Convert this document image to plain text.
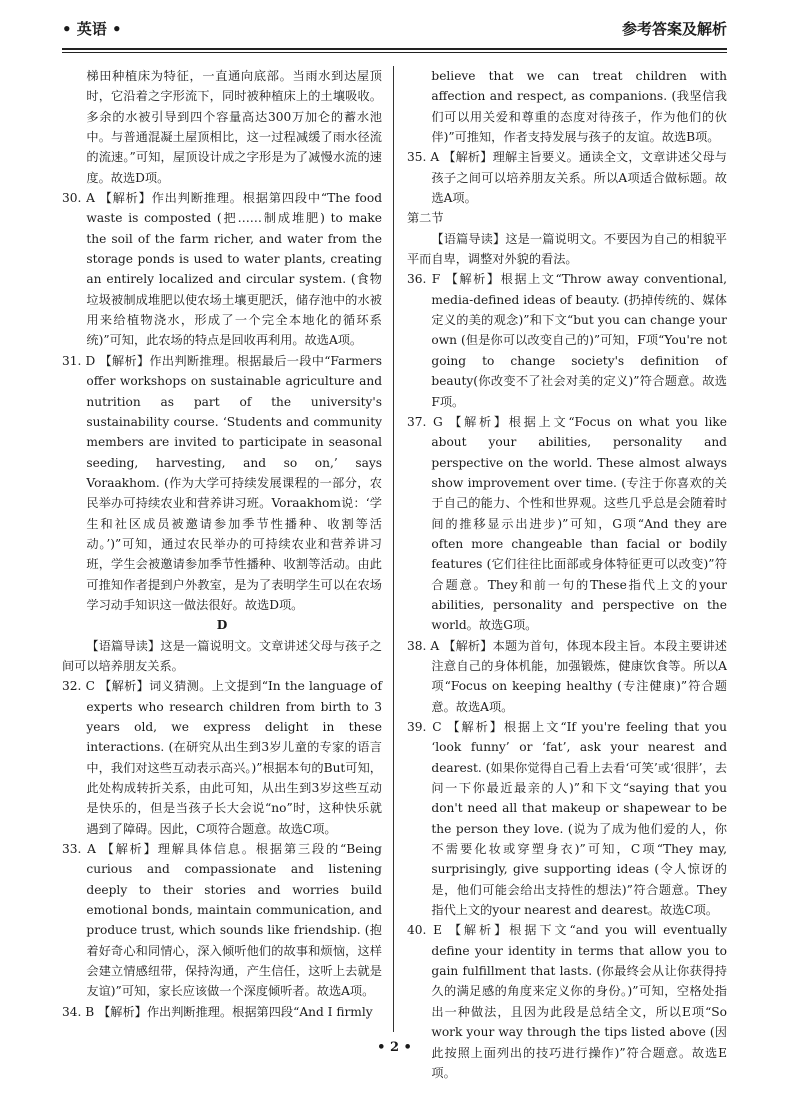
• 英语 •	参考答案及解析

梯田种植床为特征，一直通向底部。当雨水到达屋顶时，它沿着之字形流下，同时被种植床上的土壤吸收。多余的水被引导到四个容量高达300万加仑的蓄水池中。与普通混凝土屋顶相比，这一过程减缓了雨水径流的流速。”可知，屋顶设计成之字形是为了减慢水流的速度。故选D项。

30. A 【解析】作出判断推理。根据第四段中“The food waste is composted (把……制成堆肥) to make the soil of the farm richer, and water from the storage ponds is used to water plants, creating an entirely localized and circular system. (食物垃圾被制成堆肥以使农场土壤更肥沃，储存池中的水被用来给植物浇水，形成了一个完全本地化的循环系统)”可知，此农场的特点是回收再利用。故选A项。

31. D 【解析】作出判断推理。根据最后一段中“Farmers offer workshops on sustainable agriculture and nutrition as part of the university's sustainability course. ‘Students and community members are invited to participate in seasonal seeding, harvesting, and so on,’ says Voraakhom. (作为大学可持续发展课程的一部分，农民举办可持续农业和营养讲习班。Voraakhom说：‘学生和社区成员被邀请参加季节性播种、收割等活动。’)”可知，通过农民举办的可持续农业和营养讲习班，学生会被邀请参加季节性播种、收割等活动。由此可推知作者提到户外教室，是为了表明学生可以在农场学习动手知识这一做法很好。故选D项。

D

【语篇导读】这是一篇说明文。文章讲述父母与孩子之间可以培养朋友关系。

32. C 【解析】词义猜测。上文提到“In the language of experts who research children from birth to 3 years old, we express delight in these interactions. (在研究从出生到3岁儿童的专家的语言中，我们对这些互动表示高兴。)”根据本句的But可知，此处构成转折关系，由此可知，从出生到3岁这些互动是快乐的，但是当孩子长大会说“no”时，这种快乐就遇到了障碍。因此，C项符合题意。故选C项。

33. A 【解析】理解具体信息。根据第三段的“Being curious and compassionate and listening deeply to their stories and worries build emotional bonds, maintain communication, and produce trust, which sounds like friendship. (抱着好奇心和同情心，深入倾听他们的故事和烦恼，这样会建立情感纽带，保持沟通，产生信任，这听上去就是友谊)”可知，家长应该做一个深度倾听者。故选A项。

34. B 【解析】作出判断推理。根据第四段“And I firmly

believe that we can treat children with affection and respect, as companions. (我坚信我们可以用关爱和尊重的态度对待孩子，作为他们的伙伴)”可推知，作者支持发展与孩子的友谊。故选B项。

35. A 【解析】理解主旨要义。通读全文，文章讲述父母与孩子之间可以培养朋友关系。所以A项适合做标题。故选A项。

第二节

【语篇导读】这是一篇说明文。不要因为自己的相貌平平而自卑，调整对外貌的看法。

36. F 【解析】根据上文“Throw away conventional, media-defined ideas of beauty. (扔掉传统的、媒体定义的美的观念)”和下文“but you can change your own (但是你可以改变自己的)”可知，F项“You're not going to change society's definition of beauty(你改变不了社会对美的定义)”符合题意。故选F项。

37. G 【解析】根据上文“Focus on what you like about your abilities, personality and perspective on the world. These almost always show improvement over time. (专注于你喜欢的关于自己的能力、个性和世界观。这些几乎总是会随着时间的推移显示出进步)”可知，G项“And they are often more changeable than facial or bodily features (它们往往比面部或身体特征更可以改变)”符合题意。They和前一句的These指代上文的your abilities, personality and perspective on the world。故选G项。

38. A 【解析】本题为首句，体现本段主旨。本段主要讲述注意自己的身体机能，加强锻炼，健康饮食等。所以A项“Focus on keeping healthy (专注健康)”符合题意。故选A项。

39. C 【解析】根据上文“If you're feeling that you ‘look funny’ or ‘fat’, ask your nearest and dearest. (如果你觉得自己看上去看‘可笑’或‘很胖’，去问一下你最近最亲的人)”和下文“saying that you don't need all that makeup or shapewear to be the person they love. (说为了成为他们爱的人，你不需要化妆或穿塑身衣)”可知，C项“They may, surprisingly, give supporting ideas (令人惊讶的是，他们可能会给出支持性的想法)”符合题意。They指代上文的your nearest and dearest。故选C项。

40. E 【解析】根据下文“and you will eventually define your identity in terms that allow you to gain fulfillment that lasts. (你最终会从让你获得持久的满足感的角度来定义你的身份。)”可知，空格处指出一种做法，且因为此段是总结全文，所以E项“So work your way through the tips listed above (因此按照上面列出的技巧进行操作)”符合题意。故选E项。

• 2 •
